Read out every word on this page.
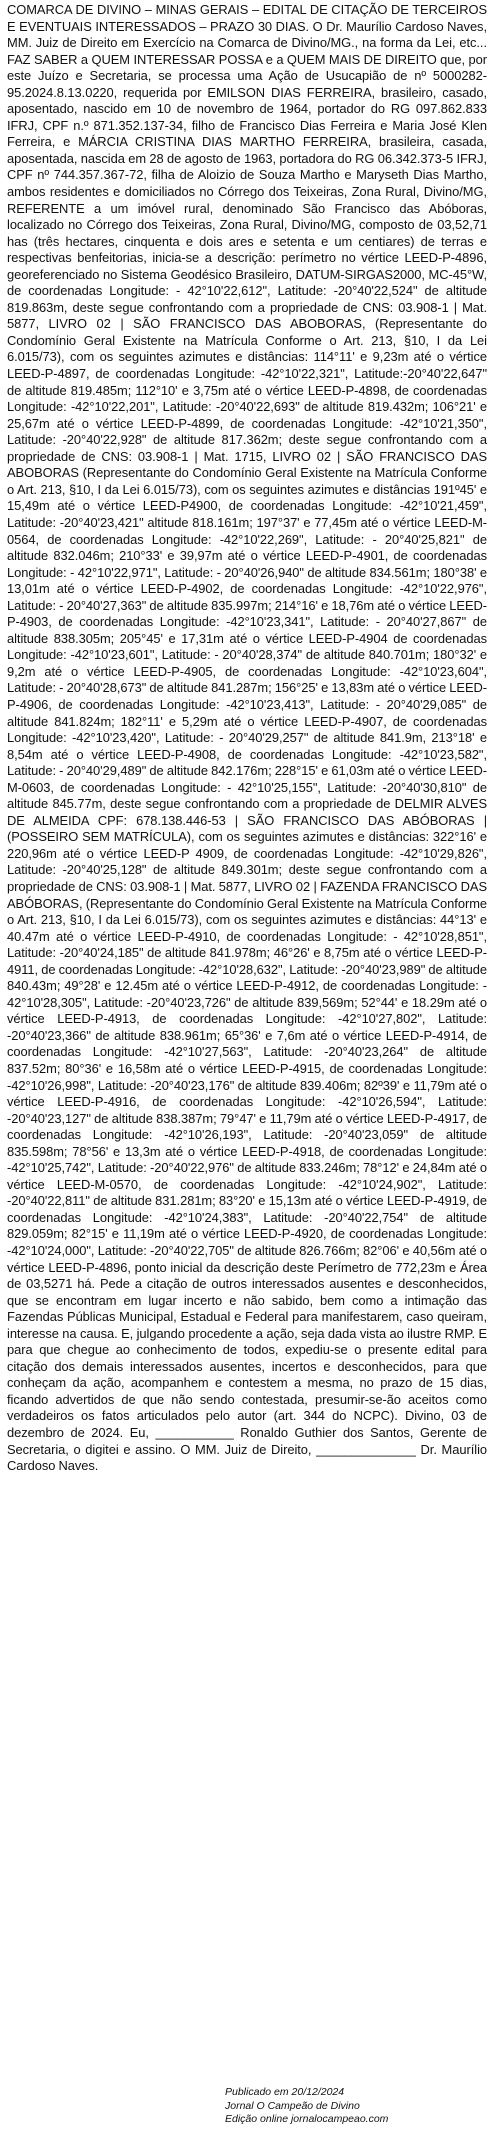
COMARCA DE DIVINO – MINAS GERAIS – EDITAL DE CITAÇÃO DE TERCEIROS E EVENTUAIS INTERESSADOS – PRAZO 30 DIAS. O Dr. Maurílio Cardoso Naves, MM. Juiz de Direito em Exercício na Comarca de Divino/MG., na forma da Lei, etc... FAZ SABER a QUEM INTERESSAR POSSA e a QUEM MAIS DE DIREITO que, por este Juízo e Secretaria, se processa uma Ação de Usucapião de nº 5000282-95.2024.8.13.0220, requerida por EMILSON DIAS FERREIRA, brasileiro, casado, aposentado, nascido em 10 de novembro de 1964, portador do RG 097.862.833 IFRJ, CPF n.º 871.352.137-34, filho de Francisco Dias Ferreira e Maria José Klen Ferreira, e MÁRCIA CRISTINA DIAS MARTHO FERREIRA, brasileira, casada, aposentada, nascida em 28 de agosto de 1963, portadora do RG 06.342.373-5 IFRJ, CPF nº 744.357.367-72, filha de Aloizio de Souza Martho e Maryseth Dias Martho, ambos residentes e domiciliados no Córrego dos Teixeiras, Zona Rural, Divino/MG, REFERENTE a um imóvel rural, denominado São Francisco das Abóboras, localizado no Córrego dos Teixeiras, Zona Rural, Divino/MG, composto de 03,52,71 has (três hectares, cinquenta e dois ares e setenta e um centiares) de terras e respectivas benfeitorias, inicia-se a descrição: perímetro no vértice LEED-P-4896, georeferenciado no Sistema Geodésico Brasileiro, DATUM-SIRGAS2000, MC-45°W, de coordenadas Longitude: - 42°10'22,612", Latitude: -20°40'22,524" de altitude 819.863m, deste segue confrontando com a propriedade de CNS: 03.908-1 | Mat. 5877, LIVRO 02 | SÃO FRANCISCO DAS ABOBORAS, (Representante do Condomínio Geral Existente na Matrícula Conforme o Art. 213, §10, I da Lei 6.015/73), com os seguintes azimutes e distâncias: 114°11' e 9,23m até o vértice LEED-P-4897, de coordenadas Longitude: -42°10'22,321", Latitude:-20°40'22,647" de altitude 819.485m; 112°10' e 3,75m até o vértice LEED-P-4898, de coordenadas Longitude: -42°10'22,201", Latitude: -20°40'22,693" de altitude 819.432m; 106°21' e 25,67m até o vértice LEED-P-4899, de coordenadas Longitude: -42°10'21,350", Latitude: -20°40'22,928" de altitude 817.362m; deste segue confrontando com a propriedade de CNS: 03.908-1 | Mat. 1715, LIVRO 02 | SÃO FRANCISCO DAS ABOBORAS (Representante do Condomínio Geral Existente na Matrícula Conforme o Art. 213, §10, I da Lei 6.015/73), com os seguintes azimutes e distâncias 191º45' e 15,49m até o vértice LEED-P4900, de coordenadas Longitude: -42°10'21,459", Latitude: -20°40'23,421" altitude 818.161m; 197°37' e 77,45m até o vértice LEED-M-0564, de coordenadas Longitude: -42°10'22,269", Latitude: - 20°40'25,821" de altitude 832.046m; 210°33' e 39,97m até o vértice LEED-P-4901, de coordenadas Longitude: - 42°10'22,971", Latitude: - 20°40'26,940" de altitude 834.561m; 180°38' e 13,01m até o vértice LEED-P-4902, de coordenadas Longitude: -42°10'22,976", Latitude: - 20°40'27,363" de altitude 835.997m; 214°16' e 18,76m até o vértice LEED-P-4903, de coordenadas Longitude: -42°10'23,341", Latitude: - 20°40'27,867" de altitude 838.305m; 205°45' e 17,31m até o vértice LEED-P-4904 de coordenadas Longitude: -42°10'23,601", Latitude: - 20°40'28,374" de altitude 840.701m; 180°32' e 9,2m até o vértice LEED-P-4905, de coordenadas Longitude: -42°10'23,604", Latitude: - 20°40'28,673" de altitude 841.287m; 156°25' e 13,83m até o vértice LEED-P-4906, de coordenadas Longitude: -42°10'23,413", Latitude: - 20°40'29,085" de altitude 841.824m; 182°11' e 5,29m até o vértice LEED-P-4907, de coordenadas Longitude: -42°10'23,420", Latitude: - 20°40'29,257" de altitude 841.9m, 213°18' e 8,54m até o vértice LEED-P-4908, de coordenadas Longitude: -42°10'23,582", Latitude: - 20°40'29,489" de altitude 842.176m; 228°15' e 61,03m até o vértice LEED-M-0603, de coordenadas Longitude: - 42°10'25,155", Latitude: -20°40'30,810" de altitude 845.77m, deste segue confrontando com a propriedade de DELMIR ALVES DE ALMEIDA CPF: 678.138.446-53 | SÃO FRANCISCO DAS ABÓBORAS | (POSSEIRO SEM MATRÍCULA), com os seguintes azimutes e distâncias: 322°16' e 220,96m até o vértice LEED-P 4909, de coordenadas Longitude: -42°10'29,826", Latitude: -20°40'25,128" de altitude 849.301m; deste segue confrontando com a propriedade de CNS: 03.908-1 | Mat. 5877, LIVRO 02 | FAZENDA FRANCISCO DAS ABÓBORAS, (Representante do Condomínio Geral Existente na Matrícula Conforme o Art. 213, §10, I da Lei 6.015/73), com os seguintes azimutes e distâncias: 44°13' e 40.47m até o vértice LEED-P-4910, de coordenadas Longitude: - 42°10'28,851", Latitude: -20°40'24,185" de altitude 841.978m; 46°26' e 8,75m até o vértice LEED-P-4911, de coordenadas Longitude: -42°10'28,632", Latitude: -20°40'23,989" de altitude 840.43m; 49°28' e 12.45m até o vértice LEED-P-4912, de coordenadas Longitude: - 42°10'28,305", Latitude: -20°40'23,726" de altitude 839,569m; 52°44' e 18.29m até o vértice LEED-P-4913, de coordenadas Longitude: -42°10'27,802", Latitude: -20°40'23,366" de altitude 838.961m; 65°36' e 7,6m até o vértice LEED-P-4914, de coordenadas Longitude: -42°10'27,563", Latitude: -20°40'23,264" de altitude 837.52m; 80°36' e 16,58m até o vértice LEED-P-4915, de coordenadas Longitude: -42°10'26,998", Latitude: -20°40'23,176" de altitude 839.406m; 82º39' e 11,79m até o vértice LEED-P-4916, de coordenadas Longitude: -42°10'26,594", Latitude: -20°40'23,127" de altitude 838.387m; 79°47' e 11,79m até o vértice LEED-P-4917, de coordenadas Longitude: -42°10'26,193", Latitude: -20°40'23,059" de altitude 835.598m; 78°56' e 13,3m até o vértice LEED-P-4918, de coordenadas Longitude: -42°10'25,742", Latitude: -20°40'22,976" de altitude 833.246m; 78°12' e 24,84m até o vértice LEED-M-0570, de coordenadas Longitude: -42°10'24,902", Latitude: -20°40'22,811" de altitude 831.281m; 83°20' e 15,13m até o vértice LEED-P-4919, de coordenadas Longitude: -42°10'24,383", Latitude: -20°40'22,754" de altitude 829.059m; 82°15' e 11,19m até o vértice LEED-P-4920, de coordenadas Longitude: -42°10'24,000", Latitude: -20°40'22,705" de altitude 826.766m; 82°06' e 40,56m até o vértice LEED-P-4896, ponto inicial da descrição deste Perímetro de 772,23m e Área de 03,5271 há. Pede a citação de outros interessados ausentes e desconhecidos, que se encontram em lugar incerto e não sabido, bem como a intimação das Fazendas Públicas Municipal, Estadual e Federal para manifestarem, caso queiram, interesse na causa. E, julgando procedente a ação, seja dada vista ao ilustre RMP. E para que chegue ao conhecimento de todos, expediu-se o presente edital para citação dos demais interessados ausentes, incertos e desconhecidos, para que conheçam da ação, acompanhem e contestem a mesma, no prazo de 15 dias, ficando advertidos de que não sendo contestada, presumir-se-ão aceitos como verdadeiros os fatos articulados pelo autor (art. 344 do NCPC). Divino, 03 de dezembro de 2024. Eu, ___________ Ronaldo Guthier dos Santos, Gerente de Secretaria, o digitei e assino. O MM. Juiz de Direito, ______________ Dr. Maurílio Cardoso Naves.

Publicado em 20/12/2024
Jornal O Campeão de Divino
Edição online jornalocampeao.com
